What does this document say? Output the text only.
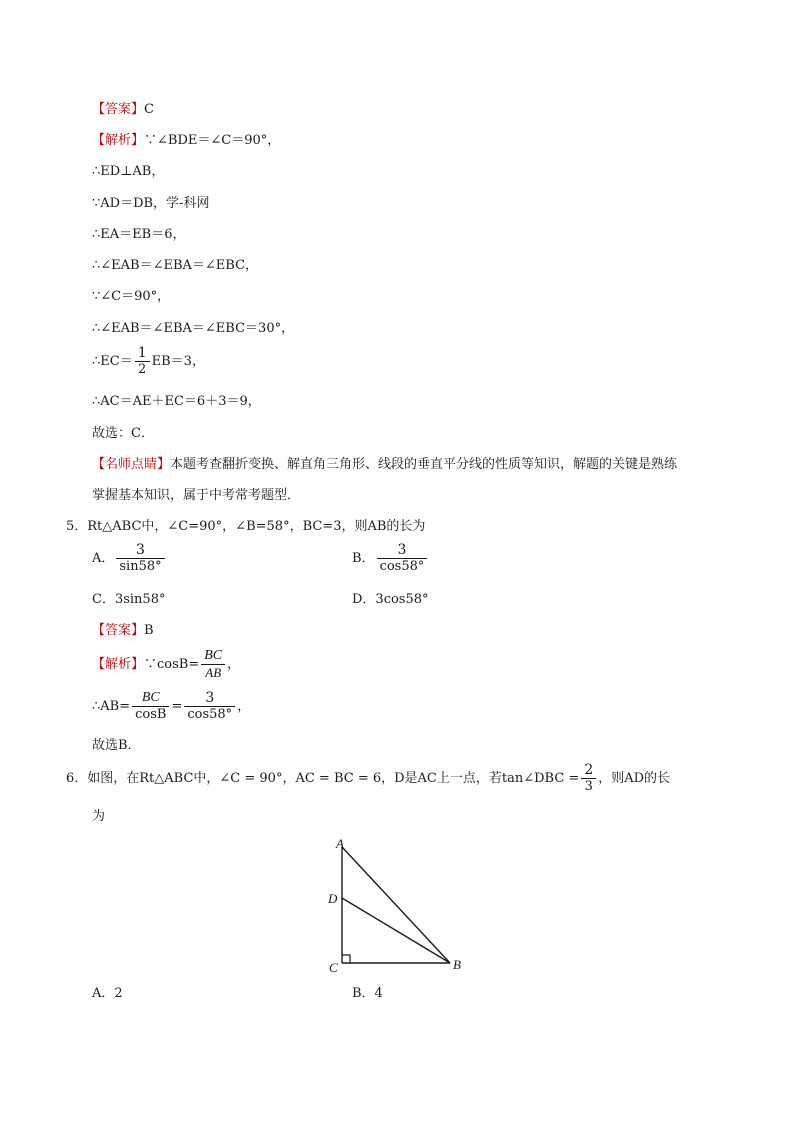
【答案】C
【解析】∵∠BDE＝∠C＝90°，
∴ED⊥AB，
∵AD＝DB，学-科网
∴EA＝EB＝6，
∴∠EAB＝∠EBA＝∠EBC，
∵∠C＝90°，
∴∠EAB＝∠EBA＝∠EBC＝30°，
∴EC＝ $\frac{1}{2} EB=3$，
∴AC＝AE＋EC＝6＋3＝9，
故选：C．
【名师点睛】本题考查翻折变换、解直角三角形、线段的垂直平分线的性质等知识，解题的关键是熟练
掌握基本知识，属于中考常考题型．
5．Rt△ABC中，∠C=90°，∠B=58°，BC=3，则AB的长为
A． $\frac{3}{\sin 58^\circ}$	B． $\frac{3}{\cos 58^\circ}$
C．3sin58°	D．3cos58°
【答案】B
【解析】∵cosB= $\frac{BC}{AB}$ ，
∴AB= $\frac{BC}{\cos B} = \frac{3}{\cos 58^\circ}$ ，
故选B．
6．如图，在Rt△ABC中，∠C = 90°，AC = BC = 6，D是AC上一点，若tan∠DBC = $\frac{2}{3}$ ，则AD的长
为
A
D
C	B
A．2	B．4
